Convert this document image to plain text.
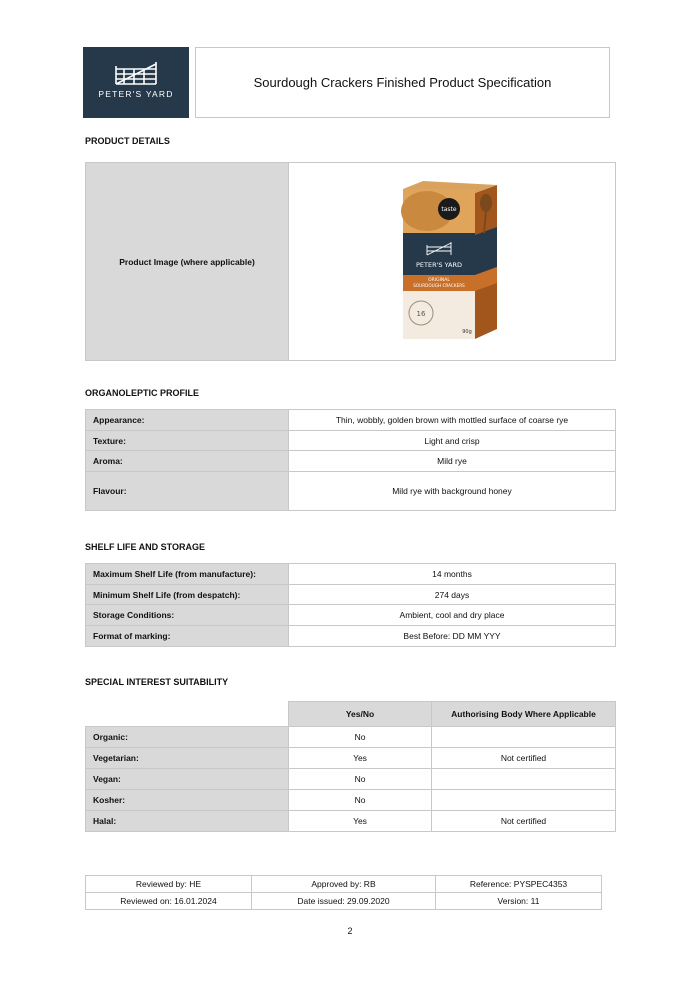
PETER'S YARD
Sourdough Crackers Finished Product Specification
PRODUCT DETAILS
Product Image (where applicable)	
taste
PETER'S YARD
ORIGINAL
SOURDOUGH CRACKERS
16
90g
ORGANOLEPTIC PROFILE
Appearance:	Thin, wobbly, golden brown with mottled surface of coarse rye
Texture:	Light and crisp
Aroma:	Mild rye
Flavour:	Mild rye with background honey
SHELF LIFE AND STORAGE
Maximum Shelf Life (from manufacture):	14 months
Minimum Shelf Life (from despatch):	274 days
Storage Conditions:	Ambient, cool and dry place
Format of marking:	Best Before: DD MM YYY
SPECIAL INTEREST SUITABILITY
	Yes/No	Authorising Body Where Applicable
Organic:	No	
Vegetarian:	Yes	Not certified
Vegan:	No	
Kosher:	No	
Halal:	Yes	Not certified
Reviewed by: HE	Approved by: RB	Reference: PYSPEC4353
Reviewed on: 16.01.2024	Date issued: 29.09.2020	Version: 11
2
